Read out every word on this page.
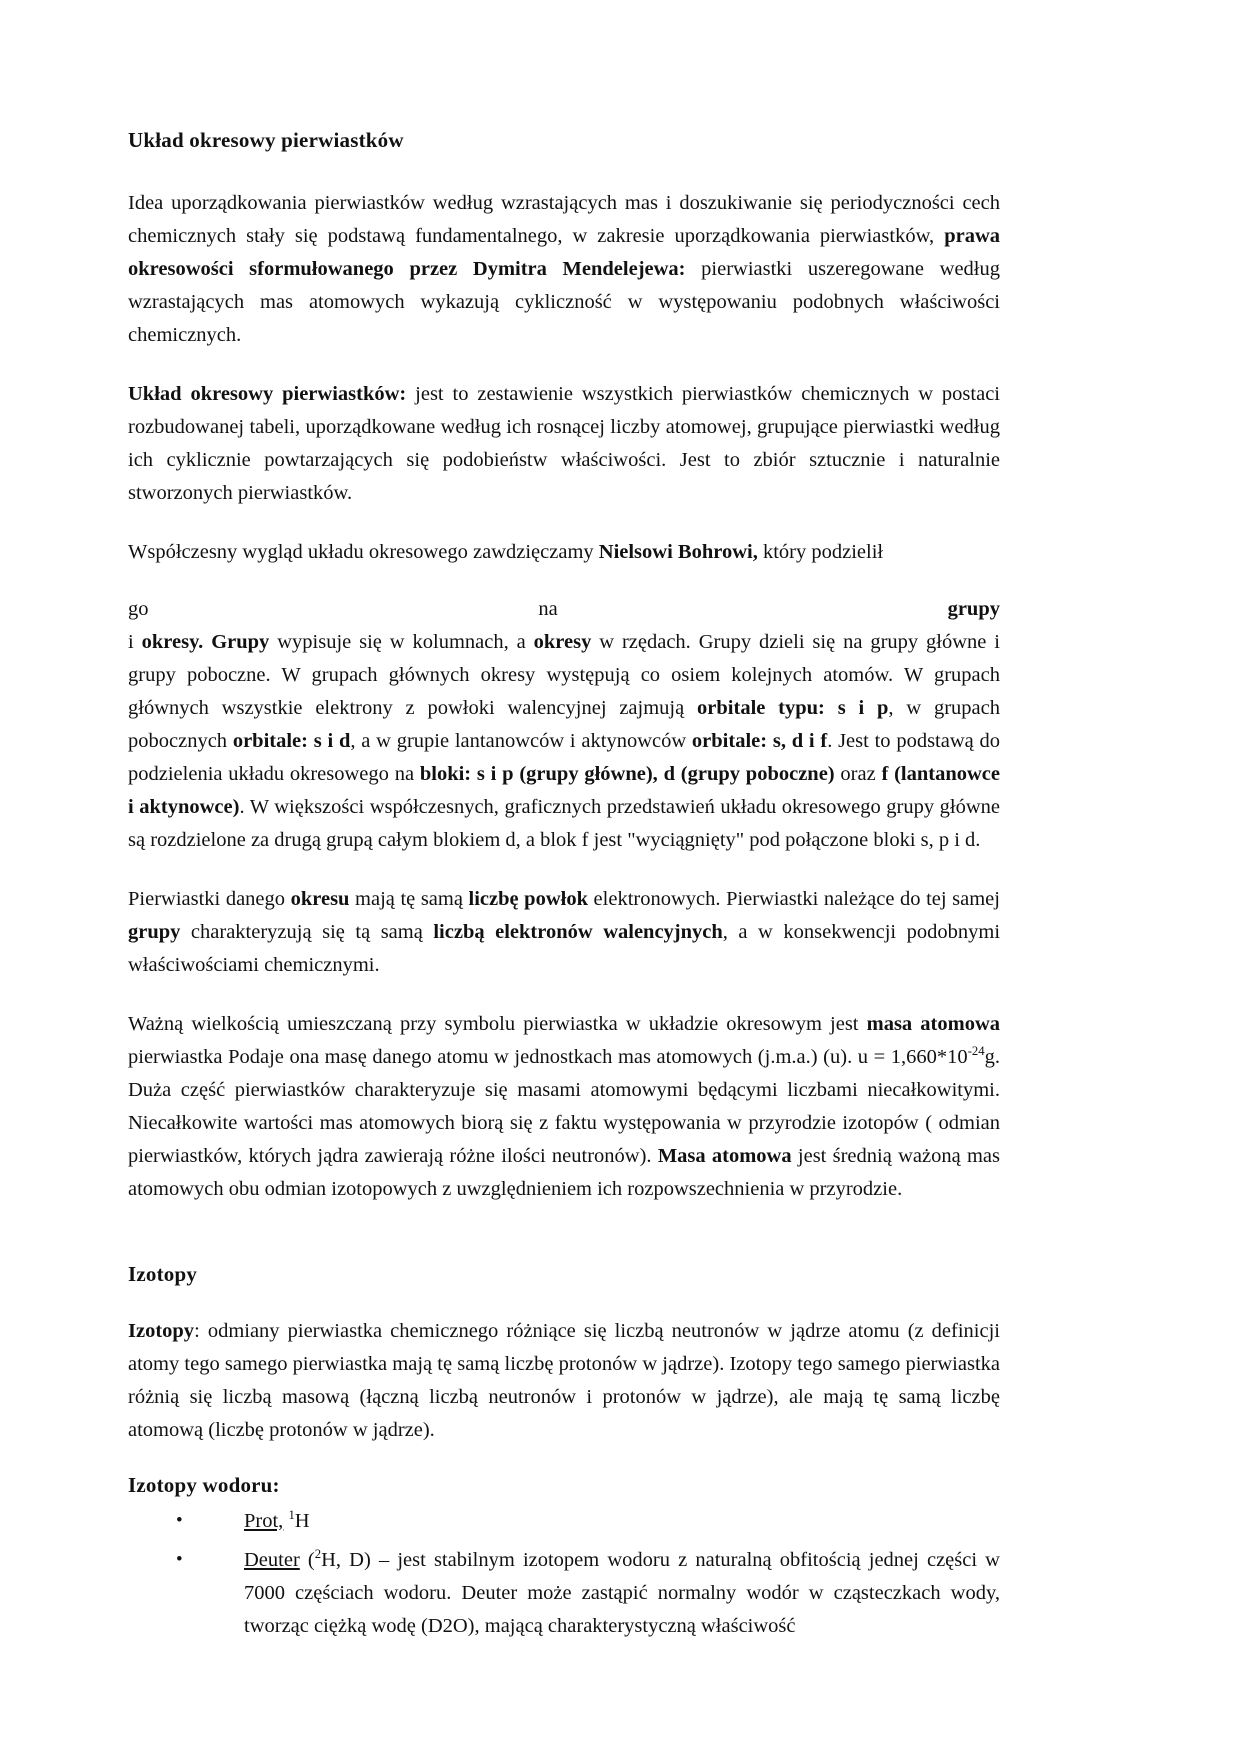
Układ okresowy pierwiastków

Idea uporządkowania pierwiastków według wzrastających mas i doszukiwanie się periodyczności cech chemicznych stały się podstawą fundamentalnego, w zakresie uporządkowania pierwiastków, prawa okresowości sformułowanego przez Dymitra Mendelejewa: pierwiastki uszeregowane według wzrastających mas atomowych wykazują cykliczność w występowaniu podobnych właściwości chemicznych.

Układ okresowy pierwiastków: jest to zestawienie wszystkich pierwiastków chemicznych w postaci rozbudowanej tabeli, uporządkowane według ich rosnącej liczby atomowej, grupujące pierwiastki według ich cyklicznie powtarzających się podobieństw właściwości. Jest to zbiór sztucznie i naturalnie stworzonych pierwiastków.

Współczesny wygląd układu okresowego zawdzięczamy Nielsowi Bohrowi, który podzielił

go	na	grupy

i okresy. Grupy wypisuje się w kolumnach, a okresy w rzędach. Grupy dzieli się na grupy główne i grupy poboczne. W grupach głównych okresy występują co osiem kolejnych atomów. W grupach głównych wszystkie elektrony z powłoki walencyjnej zajmują orbitale typu: s i p, w grupach pobocznych orbitale: s i d, a w grupie lantanowców i aktynowców orbitale: s, d i f. Jest to podstawą do podzielenia układu okresowego na bloki: s i p (grupy główne), d (grupy poboczne) oraz f (lantanowce i aktynowce). W większości współczesnych, graficznych przedstawień układu okresowego grupy główne są rozdzielone za drugą grupą całym blokiem d, a blok f jest "wyciągnięty" pod połączone bloki s, p i d.

Pierwiastki danego okresu mają tę samą liczbę powłok elektronowych. Pierwiastki należące do tej samej grupy charakteryzują się tą samą liczbą elektronów walencyjnych, a w konsekwencji podobnymi właściwościami chemicznymi.

Ważną wielkością umieszczaną przy symbolu pierwiastka w układzie okresowym jest masa atomowa pierwiastka Podaje ona masę danego atomu w jednostkach mas atomowych (j.m.a.) (u). $u = 1,660*10^{-24}g$. Duża część pierwiastków charakteryzuje się masami atomowymi będącymi liczbami niecałkowitymi. Niecałkowite wartości mas atomowych biorą się z faktu występowania w przyrodzie izotopów ( odmian pierwiastków, których jądra zawierają różne ilości neutronów). Masa atomowa jest średnią ważoną mas atomowych obu odmian izotopowych z uwzględnieniem ich rozpowszechnienia w przyrodzie.

Izotopy

Izotopy: odmiany pierwiastka chemicznego różniące się liczbą neutronów w jądrze atomu (z definicji atomy tego samego pierwiastka mają tę samą liczbę protonów w jądrze). Izotopy tego samego pierwiastka różnią się liczbą masową (łączną liczbą neutronów i protonów w jądrze), ale mają tę samą liczbę atomową (liczbę protonów w jądrze).

Izotopy wodoru:
• Prot, $^1$H
• Deuter ($^2$H, D) – jest stabilnym izotopem wodoru z naturalną obfitością jednej części w 7000 częściach wodoru. Deuter może zastąpić normalny wodór w cząsteczkach wody, tworząc ciężką wodę (D2O), mającą charakterystyczną właściwość
